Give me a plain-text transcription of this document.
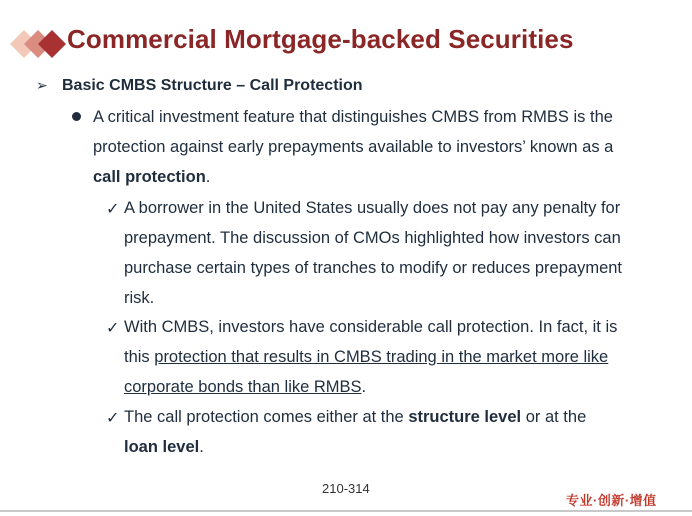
Commercial Mortgage-backed Securities
➢ Basic CMBS Structure – Call Protection
A critical investment feature that distinguishes CMBS from RMBS is the
protection against early prepayments available to investors’ known as a
call protection.
✓ A borrower in the United States usually does not pay any penalty for
prepayment. The discussion of CMOs highlighted how investors can
purchase certain types of tranches to modify or reduces prepayment
risk.
✓ With CMBS, investors have considerable call protection. In fact, it is
this protection that results in CMBS trading in the market more like
corporate bonds than like RMBS.
✓ The call protection comes either at the structure level or at the
loan level.
210-314
专业·创新·增值
